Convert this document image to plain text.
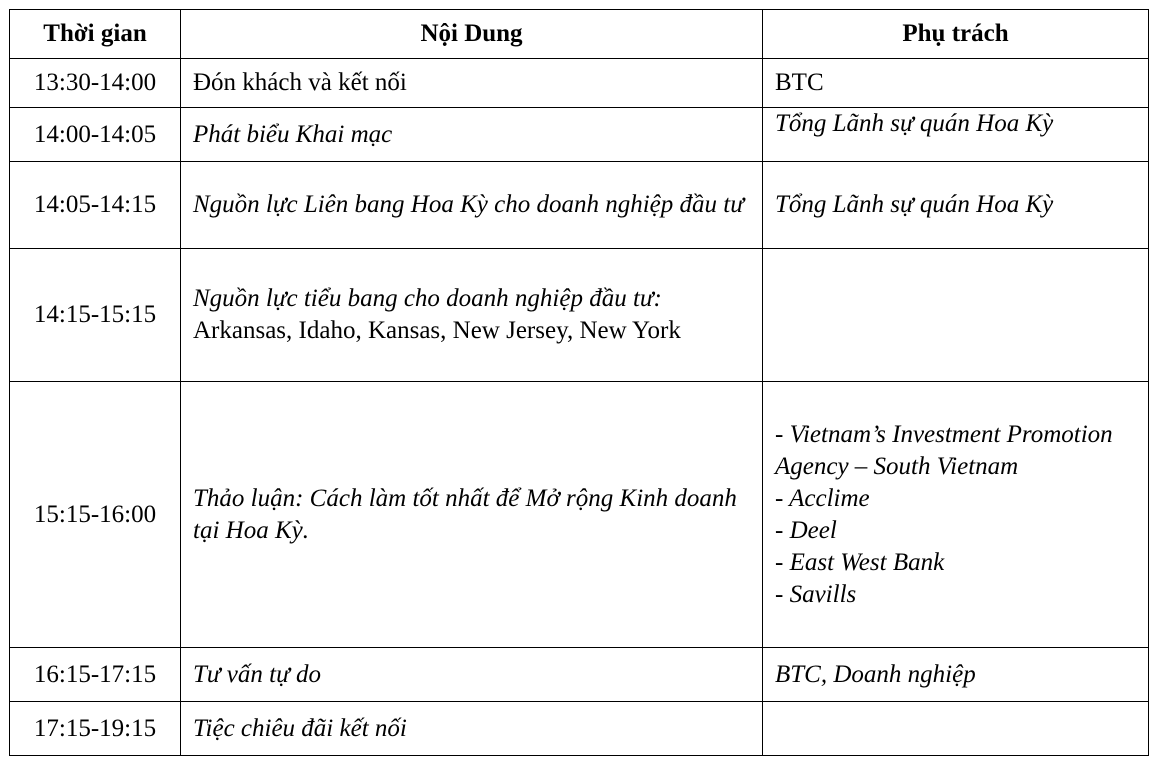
Thời gian	Nội Dung	Phụ trách
13:30-14:00	Đón khách và kết nối	BTC
14:00-14:05	Phát biểu Khai mạc	Tổng Lãnh sự quán Hoa Kỳ
14:05-14:15	Nguồn lực Liên bang Hoa Kỳ cho doanh nghiệp đầu tư	Tổng Lãnh sự quán Hoa Kỳ
14:15-15:15	Nguồn lực tiểu bang cho doanh nghiệp đầu tư:
Arkansas, Idaho, Kansas, New Jersey, New York	

15:15-16:00	Thảo luận: Cách làm tốt nhất để Mở rộng Kinh doanh tại Hoa Kỳ.	- Vietnam’s Investment Promotion Agency – South Vietnam
- Acclime
- Deel
- East West Bank
- Savills

16:15-17:15	Tư vấn tự do	BTC, Doanh nghiệp
17:15-19:15	Tiệc chiêu đãi kết nối	
